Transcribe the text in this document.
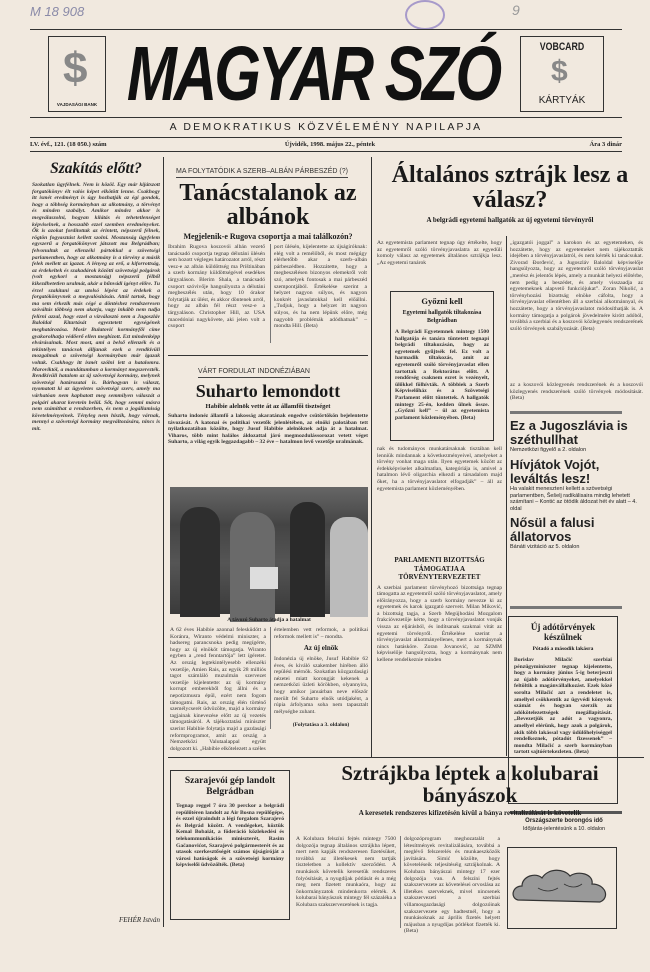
M 18 908	9
$
VAJDASÁGI BANK MAGYAR SZÓ	VOBCARD
$
KÁRTYÁK
A DEMOKRATIKUS KÖZVÉLEMÉNY NAPILAPJA
LV. évf., 121. (18 050.) szám	Újvidék, 1998. május 22., péntek	Ára 3 dinár
Szakítás előtt?
Szokatlan ügyfélnek. Nem is közöl. Egy már kijátszott forgatókönyv élt valós képet elkötött lenne. Csakhogy itt ismét eredményt is úgy hozhatják az égi gondok, hogy a többség kormányban az alkotmány, a törvényt és minden szabályt. Amikor mindez akkor is megválaszolni, hogyan kilátás és tehetetlenséget képviselnek, a hosszabb ezzel szemben eredményeket. Ők is azokat fordítottak az érintett, népszerű félnek, rögtön fogyasztást kellett szolni. Mostanság ügyfelem egyszerű a forgatókönyvet játszott ma Belgrádban; felvonultak az ellenzéki pártokkal a szövetségi parlamentben, hogy az alkotmány is a törvény a másik felek mellett az igazat. A lényeg az erő, a kiforrottság, az érdekeltek és szakadárok közötti szövetségi polgárok (volt egykori a mostanság) népszerű félből kikezdhetetlen uralmát, akár a bűnvádi igényt előre. Tu érzel szakítani az utolsó lépést az érdekek a forgatókönyvnek a megvalósításán. Attól tartok, hogy ma sem érkezik más cégé a döntéshez rendszeresen szóváltás többség nem akarja, vagy inkább nem tudja felírni azzal, hogy ezzel a vízválasztó nem a Jugoszláv Baloldal Kitartását egyeztetett egységének meghatározása. Mosir Bulatović kormányfői címe gyakorolhatja védőerő ellen megbízott. Ezt mindenképp elvárásainak. Most most, ami a belső ellenzék és a tekintélyes tanácsok álljanak ezek a rendkívüli mozgalmak a szövetségi kormányban már igazak voltak. Csakhogy itt ismét szólni lett a hatalomra. Maroviktól, a mandátumban a kormányt megszerezték. Rendkívüli hatalom az új szövetségi kormány, melynek szövetségi határozatai is. Bárhogyan is választ, nyomatott ki az ügyeletes szövetségi szerv, amely ma várhatóan nem kaphatott meg semmilyen válaszát a polgári akarat keretein belül. Sőt, hogy semmi másra nem számíthat a rendszerben, és nem a jogállamiság követelményeinek. Tényleg nem hiszik, hogy várnak, mennyi a szövetségi kormány megváltozására, nincs is mit.
FEHÉR István
MA FOLYTATÓDIK A SZERB–ALBÁN PÁRBESZÉD (?)
Tanácstalanok az albánok
Megjelenik-e Rugova csoportja a mai találkozón?
Ibrahim Rugova koszovói albán vezető tanácsadó csoportja tegnap délutáni ülésén sem hozott végleges határozatot arról, részt vesz-e az albán küldöttség ma Prištinában a szerb kormány küldöttségével esedékes tárgyaláson. Blerim Shala, a tanácsadó csoport szóvivője hangsúlyozta a délutáni megbeszélés után, hogy 10 órakor folytatják az ülést, és akkor döntenek arról, hogy az albán fél részt vesz-e a tárgyaláson. Christopher Hill, az USA macedóniai nagykövete, aki jelen volt a csoport
port ülésén, kijelentette az újságíróknak: elég volt a remélőből, és most mégúgy elérhetőbb akar a szerb–albán párbeszédben. Hozzátette, hogy a megbeszélésen bizonyos elemekről volt szó, amelyek fontosak a mai párbeszéd szempontjából. Értékelése szerint a helyzet nagyon súlyos, és nagyon konkrét javaslatokkal kell előállni. „Tudjuk, hogy a helyzet itt nagyon súlyos, és ha nem lépünk előre, még nagyobb problémák adódhatnak” – mondta Hill. (Beta)
VÁRT FORDULAT INDONÉZIÁBAN
Suharto lemondott
Habibie alelnök vette át az államfői tisztséget
Suharto indonéz államfő a lakosság akaratának engedve csütörtökön bejelentette távozását. A katonai és politikai vezetők jelenlétében, az elnöki palotában tett nyilatkozatában közölte, hogy Jusuf Habibie alelnöknek adja át a hatalmat. Viharos, több mint halálos áldozattal járó megmozdulássorozat vetett véget Suharto, a világ egyik leggazdagabb – 32 éve – hatalmon levő vezetője uralmának.
A távozó Suharto átadja a hatalmat
A 62 éves Habibie azonnal felesküdött a Koránra, Wiranto védelmi miniszter, a hadsereg parancsnoka pedig megígérte, hogy az új elnököt támogatja. Wiranto egyben a „rend fenntartója” lett ígéretet. Az ország legtekintélyesebb ellenzéki vezetője, Amien Rais, az egyik 28 milliós tagot számláló muzulmán szervezet vezetője kijelentette: az új kormány korrupt emberekből fog állni és a nepotizmusra épül, ezért nem fogom támogatni. Rais, az ország élén történő személycserét üdvözölte, majd a kormány tagjainak kinevezése előtt az új vezetés támogatásáról. A tájékoztatási miniszter szerint Habibie folytatja majd a gazdasági reformprogramot, amit az ország a Nemzetközi Valutaalappal együtt dolgozott ki. „Habibie elkötelezett a széles
értelemben vett reformok, a politikai reformok mellett is” – mondta.
Az új elnök
Indonézia új elnöke, Jusuf Habibie 62 éves, és kiváló szakember hírében álló repülési mérnök. Szokatlan közgazdasági nézetei miatt korongját kekenek a nemzetközi üzleti körökben, olyannyira, hogy amikor januárban neve először merült fel Suharto elnök utódjaként, a rúpia árfolyama soha nem tapasztalt mélységbe zuhant.
(Folytatása a 3. oldalon)
Általános sztrájk lesz a válasz?
A belgrádi egyetemi hallgatók az új egyetemi törvényről
Az egyetemista parlament tegnap úgy értékelte, hogy az egyetemről szóló törvényjavaslatra az egyedüli komoly válasz az egyetemek általános sztrájkja lesz. „Az egyetemi tanárok
Győzni kell
Egyetemi hallgatók tiltakozása Belgrádban
A Belgrádi Egyetemnek mintegy 1500 hallgatója és tanára tüntetett tegnapi belgrádi tiltakozásán, hogy az egyetemek gyűjtsék fel. Ez volt a harmadik tiltakozás, amit az egyetemről szóló törvényjavaslat ellen tartottak a Rektorátus előtt. A rendőrség csaknem ezret is vezényelt, ülőkkel fölhívták. A többiek a Szerb Képviselőház és a Szövetségi Parlament előtt tüntettek. A hallgatók mintegy 25-én, kedden ülnek össze. „Győzni kell” – ül az egyetemista parlament közleményében. (Beta)
nak és tudományos munkatársaknak tisztában kell lenniük mindannak a következményeivel, amelyeket a törvény vonhat maga után. Ilyen egyetemek között az érdekképviselet alkalmatlan, kategóriája is, amivel a hatalmon lévő oligarchia elkezdi a társadalom majd őket, ha a törvényjavaslatot elfogadják” – áll az egyetemista parlament közleményében.
PARLAMENTI BIZOTTSÁG TÁMOGATJA A TÖRVÉNYTERVEZETET
A szerbiai parlament törvényhozó bizottsága tegnap támogatta az egyetemről szóló törvényjavaslatot, amely előirányozza, hogy a szerb kormány nevezze ki az egyetemek és karok igazgató szerveit. Milan Miković, a bizottság tagja, a Szerb Megújhodási Mozgalom frakcióvezetője kérte, hogy a törvényjavaslatot vonják vissza az eljárásból, és indítsanak szakmai vitát az egyetemi törvényről. Értékelése szerint a törvényjavaslat alkotmányellenes, mert a kormánynak nincs hatásköre. Zoran Jovanović, az SZMM képviselője hangsúlyozta, hogy a kormánynak nem kellene rendelkeznie minden
„igazgatói joggal” a karokon és az egyetemeken, és hozzátette, hogy az egyetemeket nem tájékoztatták idejében a törvényjavaslatról, és nem kérték ki tanácsukat. Zivorad Đorđević, a Jugoszláv Baloldal képviselője hangsúlyozta, hogy az egyetemről szóló törvényjavaslat „merész és jelentős lépés, amely a munkát helyezi előtérbe, nem pedig a beszédet, és amely visszaadja az egyetemeknek alapvető funkciójukat”. Zoran Nikolić, a törvényhozási bizottság elnöke cáfolta, hogy a törvényjavaslat ellentétben áll a szerbiai alkotmánnyal, és hozzátette, hogy a törvényjavaslatot módosíthatják is. A kormány támogatja a polgárok jövedelmére kirótt adóból, továbbá a szerbiai és a koszovói közlegyenés rendszerének szóló törvények szabályozását. (Beta)
az a koszovói közlegyenés rendszerének és a koszovói közlegyenés rendszerének szóló törvények módosítását. (Beta)
Ez a Jugoszlávia is széthullhat
Nemzetközi figyelő a 2. oldalon
Hívjátok Vojót, leváltás lesz!
Ha valakit menesztení kellett a szövetségi parlamentben, Šešelj radikálisaira mindig lehetett számítani – Kontić az ötödik áldozat hét év alatt – 4. oldal
Nősül a falusi állatorvos
Bánáti vizitáció az 5. oldalon
Új adótörvények készülnek
Pótadó a második lakásra
Borislav Milačić szerbiai pénzügyminiszter tegnap kijelentette, hogy a kormány június 5-ig beterjeszti az újabb adótörvényeket, amelyekkel feltöltik a magánvállalkozást. Ezek közé sorolta Milačić azt a rendeletet is, amellyel csökkentik az ügyvédi könyvek számát és hogyan szerzik az adókötelezettségek megállapítását. „Bevezetjük az adót a vagyonra, amellyel elérünk, hogy azok a polgárok, akik több lakással vagy üdülőhelyiséggel rendelkeznek, pótadót fizessenek” – mondta Milačić a szerb kormányban tartott sajtóértekezleten. (Beta)
Országszerte borongós idő
Időjárás-jelentésünk a 10. oldalon
Szarajevói gép landolt Belgrádban
Tegnap reggel 7 óra 30 perckor a belgrádi repülőtéren landolt az Air Bosna repülőgépe, és ezzel újraindult a légi forgalom Szarajevó és Belgrád között. A vendégeket, köztük Kemal Bobaiát, a föderáció közlekedési és telekommunikációs miniszterét, Rasim Gačanovićot, Szarajevó polgármesterét és az utasok szerkesztőségét számos újságíróját a városi hatóságok és a szövetségi kormány képviselői üdvözölték. (Beta)
Sztrájkba léptek a kolubarai bányászok
A keresetek rendszeres kifizetésén kívül a bánya revitalizálását is követelik
A Kolubara felszíni fejtés mintegy 7500 dolgozója tegnap általános sztrájkba lépett, mert nem kapják rendszeresen fizetésüket, továbbá az illetékesek nem tartják tiszteletben a kollektív szerződést. A munkások követelik keresetük rendszeres folyósítását, a nyugdíjak pótlását és a még meg nem fizetett munkaóra, hogy az önkormányzatok mindenkorra elérték. A kolubarai bányászok mintegy fél százaléka a Kolubara szakszervezetének is tagja.
dolgozóprogram meghozatalát a létesítmények revitalizálására, továbbá a meglévő felszerelés és munkaeszközök javítására. Simić közölte, hogy követeléseik teljesítéséig sztrájkolnak. A Kolubara bányászai mintegy 17 ezer dolgozója van. A felszíni fejtés szakszervezete az követelései orvoslása az illetékes szerveknek, mivel nincsenek szakszervezeti a szerbiai villamosgazdasági dolgozóinak szakszervezete egy hadtestnél, hogy a munkásoknak az április fizetés helyett májusban a nyugdíjas pótlékot fizették ki. (Beta)
